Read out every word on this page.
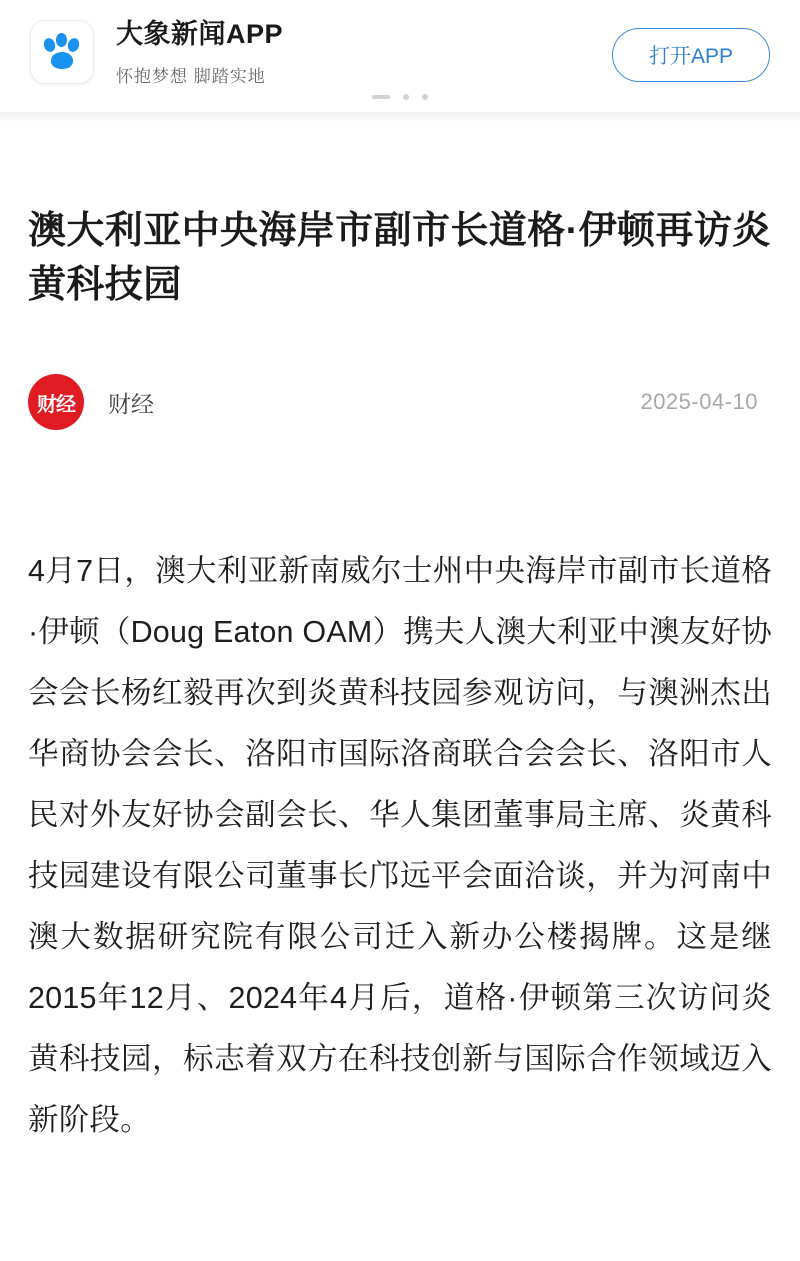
大象新闻APP
怀抱梦想 脚踏实地
打开APP
澳大利亚中央海岸市副市长道格·伊顿再访炎黄科技园
财经	财经	2025-04-10
4月7日，澳大利亚新南威尔士州中央海岸市副市长道格·伊顿（Doug Eaton OAM）携夫人澳大利亚中澳友好协会会长杨红毅再次到炎黄科技园参观访问，与澳洲杰出华商协会会长、洛阳市国际洛商联合会会长、洛阳市人民对外友好协会副会长、华人集团董事局主席、炎黄科技园建设有限公司董事长邝远平会面洽谈，并为河南中澳大数据研究院有限公司迁入新办公楼揭牌。这是继2015年12月、2024年4月后，道格·伊顿第三次访问炎黄科技园，标志着双方在科技创新与国际合作领域迈入新阶段。
